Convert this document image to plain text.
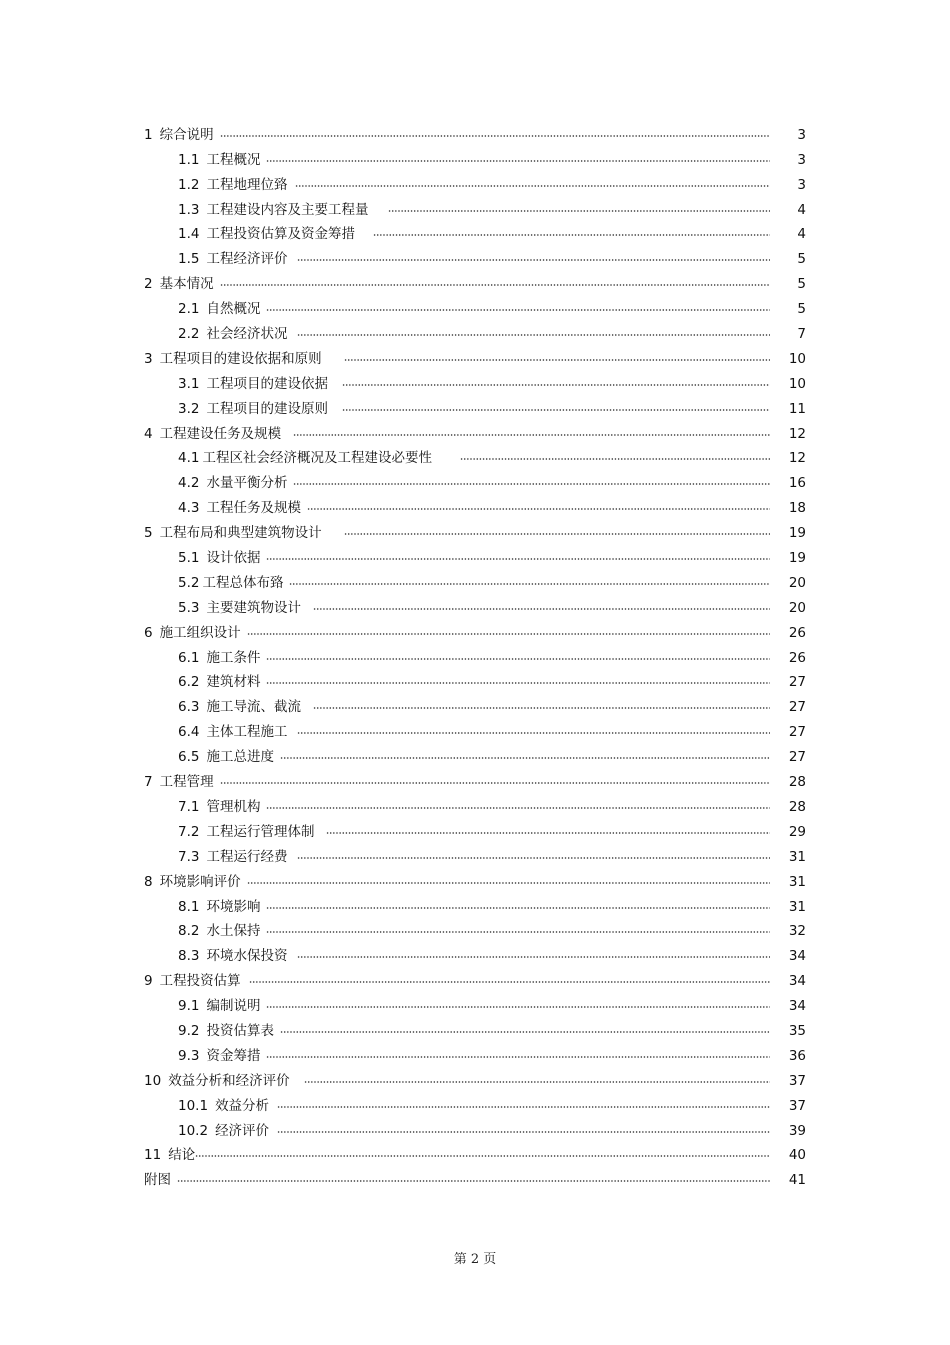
1 综合说明	3
1.1 工程概况	3
1.2 工程地理位臵	3
1.3 工程建设内容及主要工程量	4
1.4 工程投资估算及资金筹措	4
1.5 工程经济评价	5
2 基本情况	5
2.1 自然概况	5
2.2 社会经济状况	7
3 工程项目的建设依据和原则	10
3.1 工程项目的建设依据	10
3.2 工程项目的建设原则	11
4 工程建设任务及规模	12
4.1 工程区社会经济概况及工程建设必要性	12
4.2 水量平衡分析	16
4.3 工程任务及规模	18
5 工程布局和典型建筑物设计	19
5.1 设计依据	19
5.2 工程总体布臵	20
5.3 主要建筑物设计	20
6 施工组织设计	26
6.1 施工条件	26
6.2 建筑材料	27
6.3 施工导流、截流	27
6.4 主体工程施工	27
6.5 施工总进度	27
7 工程管理	28
7.1 管理机构	28
7.2 工程运行管理体制	29
7.3 工程运行经费	31
8 环境影响评价	31
8.1 环境影响	31
8.2 水土保持	32
8.3 环境水保投资	34
9 工程投资估算	34
9.1 编制说明	34
9.2 投资估算表	35
9.3 资金筹措	36
10 效益分析和经济评价	37
10.1 效益分析	37
10.2 经济评价	39
11 结论	40
附图	41
第 2 页
